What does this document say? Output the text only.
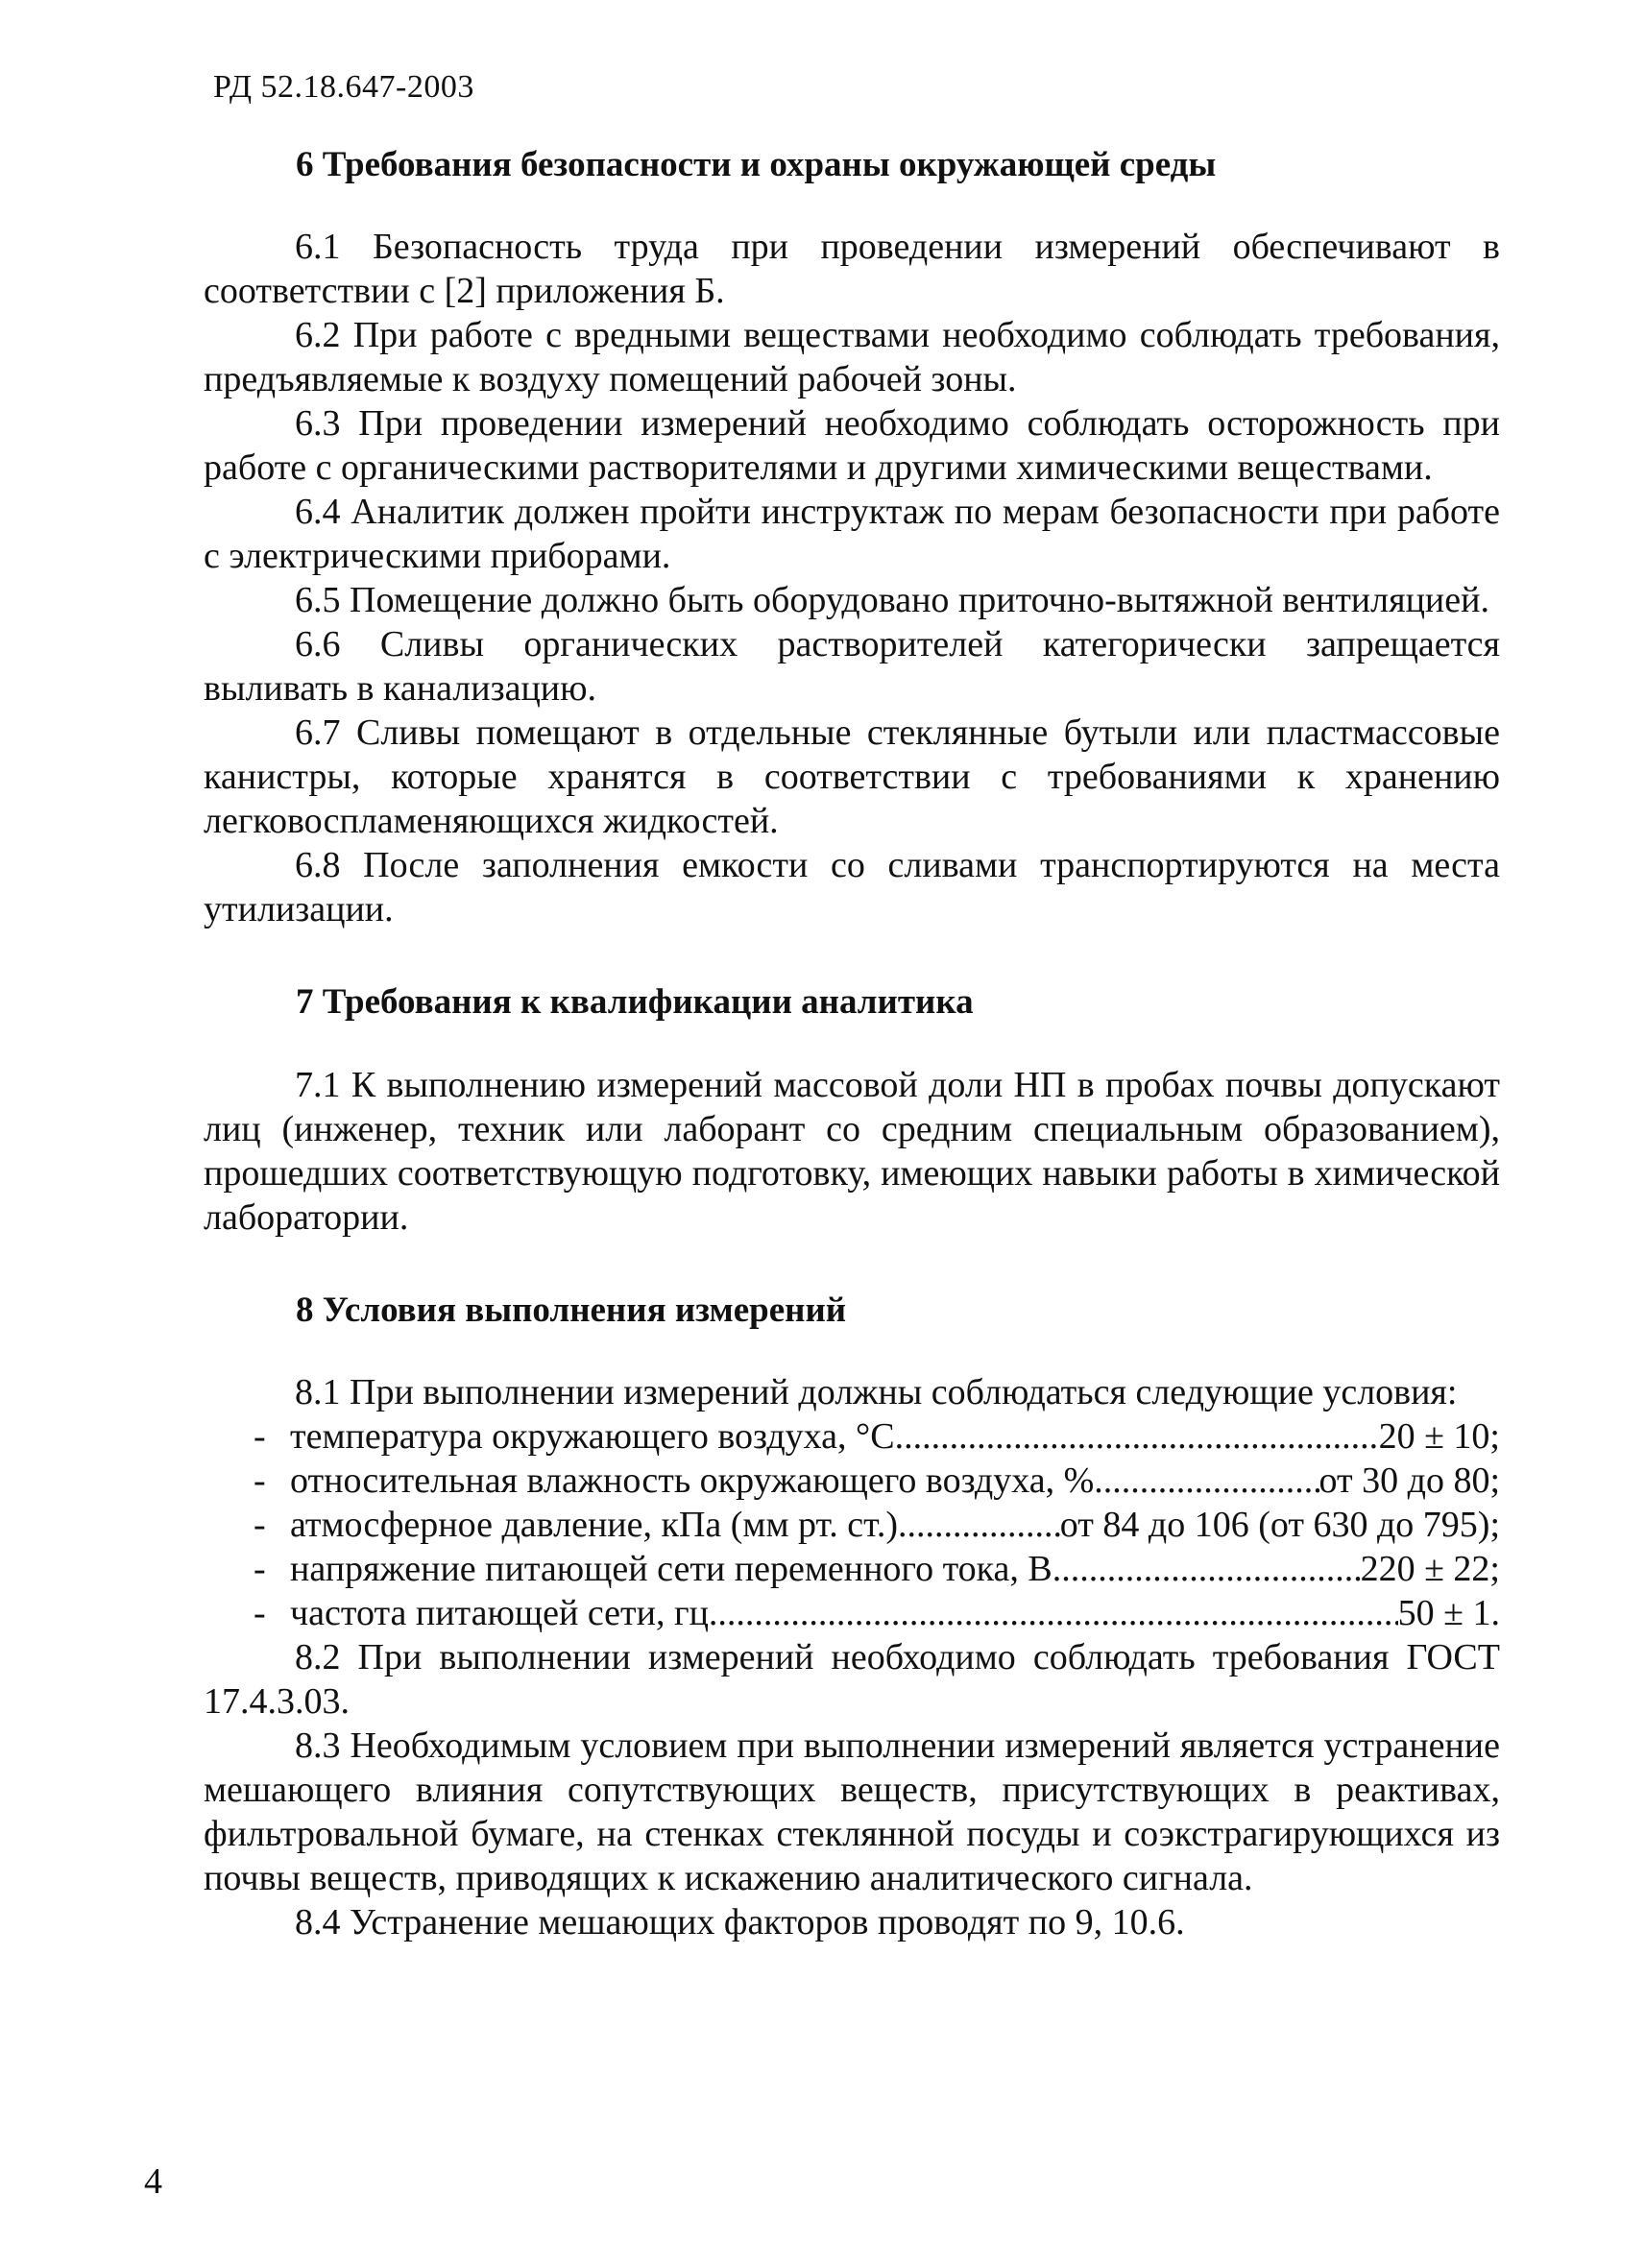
РД 52.18.647-2003
6 Требования безопасности и охраны окружающей среды

6.1 Безопасность труда при проведении измерений обеспечивают в соответствии с [2] приложения Б.

6.2 При работе с вредными веществами необходимо соблюдать требования, предъявляемые к воздуху помещений рабочей зоны.

6.3 При проведении измерений необходимо соблюдать осторожность при работе с органическими растворителями и другими химическими веществами.

6.4 Аналитик должен пройти инструктаж по мерам безопасности при работе с электрическими приборами.

6.5 Помещение должно быть оборудовано приточно-вытяжной вентиляцией.

6.6 Сливы органических растворителей категорически запрещается выливать в канализацию.

6.7 Сливы помещают в отдельные стеклянные бутыли или пластмассовые канистры, которые хранятся в соответствии с требованиями к хранению легковоспламеняющихся жидкостей.

6.8 После заполнения емкости со сливами транспортируются на места утилизации.

7 Требования к квалификации аналитика

7.1 К выполнению измерений массовой доли НП в пробах почвы допускают лиц (инженер, техник или лаборант со средним специальным образованием), прошедших соответствующую подготовку, имеющих навыки работы в химической лаборатории.

8 Условия выполнения измерений

8.1 При выполнении измерений должны соблюдаться следующие условия:

- температура окружающего воздуха, °С .....	20 ± 10;
- относительная влажность окружающего воздуха, % .....	от 30 до 80;
- атмосферное давление, кПа (мм рт. ст.) .....	от 84 до 106 (от 630 до 795);
- напряжение питающей сети переменного тока, В .....	220 ± 22;
- частота питающей сети, гц .....	50 ± 1.

8.2 При выполнении измерений необходимо соблюдать требования ГОСТ 17.4.3.03.

8.3 Необходимым условием при выполнении измерений является устранение мешающего влияния сопутствующих веществ, присутствующих в реактивах, фильтровальной бумаге, на стенках стеклянной посуды и соэкстрагирующихся из почвы веществ, приводящих к искажению аналитического сигнала.

8.4 Устранение мешающих факторов проводят по 9, 10.6.

4
